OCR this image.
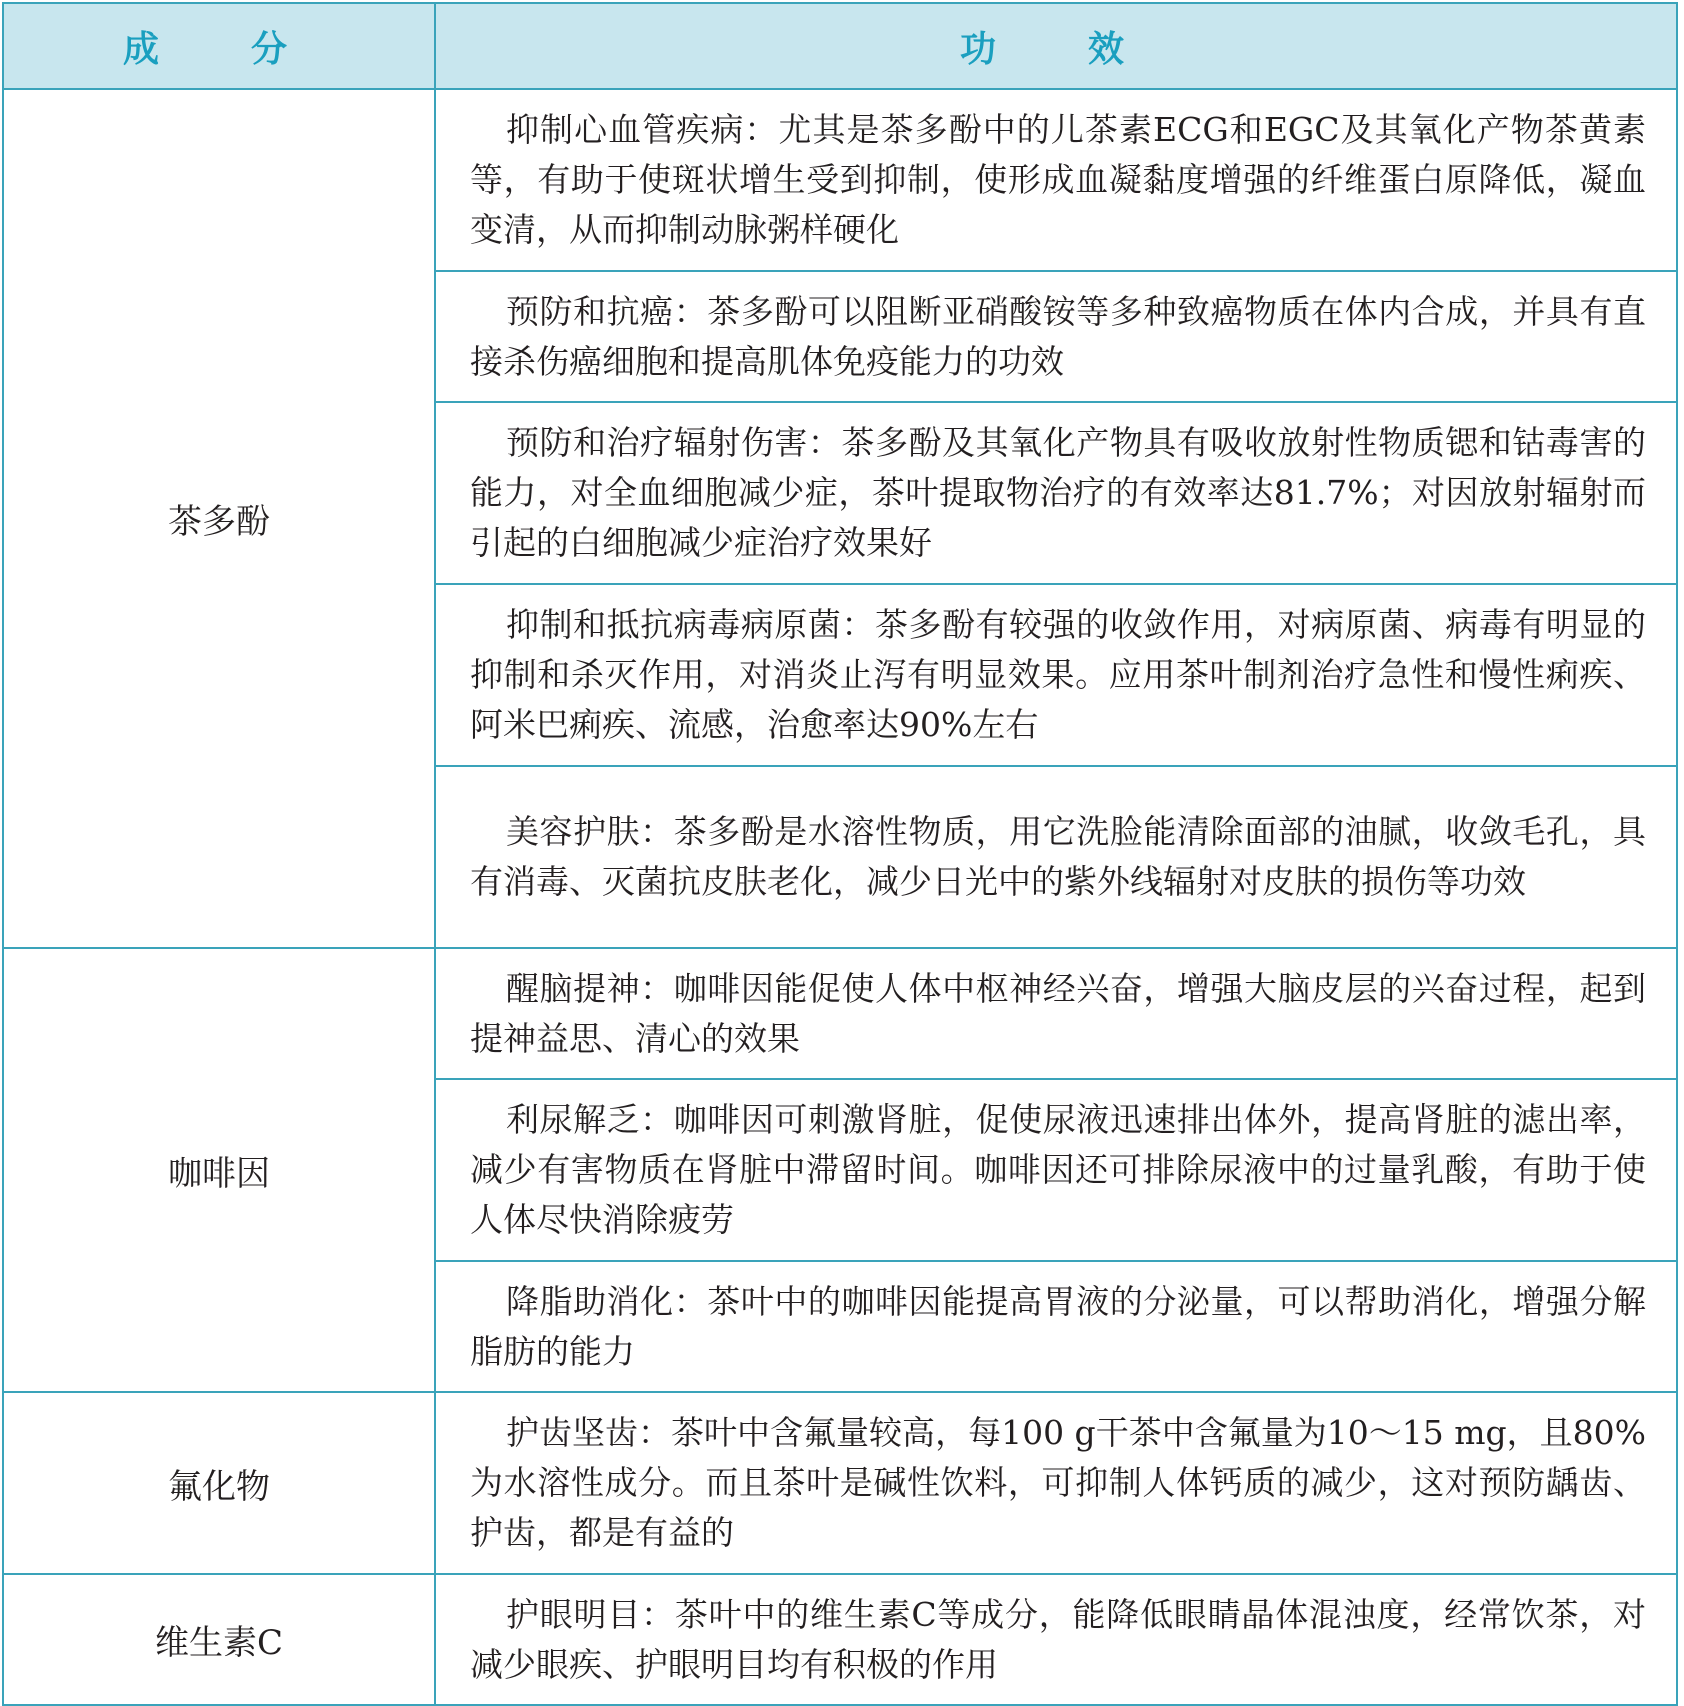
成　分	功　效
茶多酚	抑制心血管疾病：尤其是茶多酚中的儿茶素ECG和EGC及其氧化产物茶黄素等，有助于使斑状增生受到抑制，使形成血凝黏度增强的纤维蛋白原降低，凝血变清，从而抑制动脉粥样硬化
	预防和抗癌：茶多酚可以阻断亚硝酸铵等多种致癌物质在体内合成，并具有直接杀伤癌细胞和提高肌体免疫能力的功效
	预防和治疗辐射伤害：茶多酚及其氧化产物具有吸收放射性物质锶和钴毒害的能力，对全血细胞减少症，茶叶提取物治疗的有效率达81.7%；对因放射辐射而引起的白细胞减少症治疗效果好
	抑制和抵抗病毒病原菌：茶多酚有较强的收敛作用，对病原菌、病毒有明显的抑制和杀灭作用，对消炎止泻有明显效果。应用茶叶制剂治疗急性和慢性痢疾、阿米巴痢疾、流感，治愈率达90%左右
	美容护肤：茶多酚是水溶性物质，用它洗脸能清除面部的油腻，收敛毛孔，具有消毒、灭菌抗皮肤老化，减少日光中的紫外线辐射对皮肤的损伤等功效
咖啡因	醒脑提神：咖啡因能促使人体中枢神经兴奋，增强大脑皮层的兴奋过程，起到提神益思、清心的效果
	利尿解乏：咖啡因可刺激肾脏，促使尿液迅速排出体外，提高肾脏的滤出率，减少有害物质在肾脏中滞留时间。咖啡因还可排除尿液中的过量乳酸，有助于使人体尽快消除疲劳
	降脂助消化：茶叶中的咖啡因能提高胃液的分泌量，可以帮助消化，增强分解脂肪的能力
氟化物	护齿坚齿：茶叶中含氟量较高，每100 g干茶中含氟量为10～15 mg，且80%为水溶性成分。而且茶叶是碱性饮料，可抑制人体钙质的减少，这对预防龋齿、护齿，都是有益的
维生素C	护眼明目：茶叶中的维生素C等成分，能降低眼睛晶体混浊度，经常饮茶，对减少眼疾、护眼明目均有积极的作用
